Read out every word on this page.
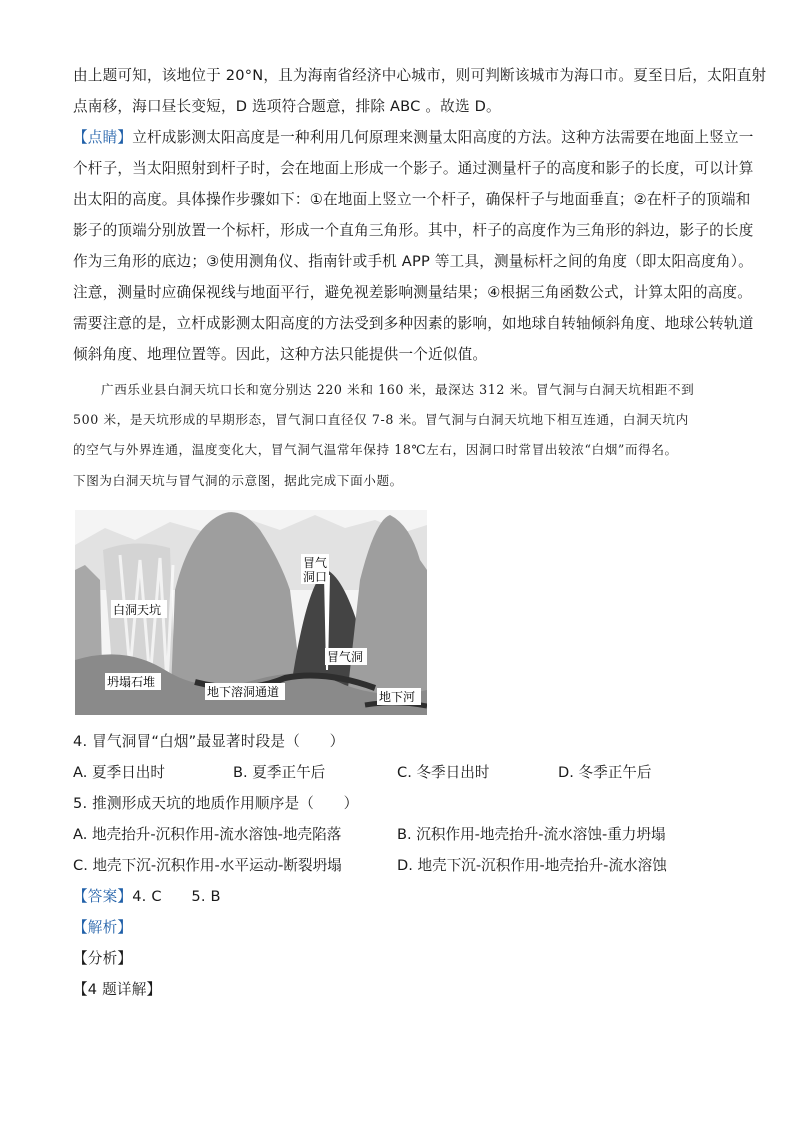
由上题可知，该地位于 20°N，且为海南省经济中心城市，则可判断该城市为海口市。夏至日后，太阳直射
点南移，海口昼长变短，D 选项符合题意，排除 ABC 。故选 D。
【点睛】立杆成影测太阳高度是一种利用几何原理来测量太阳高度的方法。这种方法需要在地面上竖立一
个杆子，当太阳照射到杆子时，会在地面上形成一个影子。通过测量杆子的高度和影子的长度，可以计算
出太阳的高度。具体操作步骤如下：①在地面上竖立一个杆子，确保杆子与地面垂直；②在杆子的顶端和
影子的顶端分别放置一个标杆，形成一个直角三角形。其中，杆子的高度作为三角形的斜边，影子的长度
作为三角形的底边；③使用测角仪、指南针或手机 APP 等工具，测量标杆之间的角度（即太阳高度角）。
注意，测量时应确保视线与地面平行，避免视差影响测量结果；④根据三角函数公式，计算太阳的高度。
需要注意的是，立杆成影测太阳高度的方法受到多种因素的影响，如地球自转轴倾斜角度、地球公转轨道
倾斜角度、地理位置等。因此，这种方法只能提供一个近似值。
广西乐业县白洞天坑口长和宽分别达 220 米和 160 米，最深达 312 米。冒气洞与白洞天坑相距不到
500 米，是天坑形成的早期形态，冒气洞口直径仅 7-8 米。冒气洞与白洞天坑地下相互连通，白洞天坑内
的空气与外界连通，温度变化大，冒气洞气温常年保持 18℃左右，因洞口时常冒出较浓“白烟”而得名。
下图为白洞天坑与冒气洞的示意图，据此完成下面小题。
白洞天坑
冒气
洞口
冒气洞
坍塌石堆
地下溶洞通道	地下河
4. 冒气洞冒“白烟”最显著时段是（　　）
A. 夏季日出时	B. 夏季正午后	C. 冬季日出时	D. 冬季正午后
5. 推测形成天坑的地质作用顺序是（　　）
A. 地壳抬升-沉积作用-流水溶蚀-地壳陷落	B. 沉积作用-地壳抬升-流水溶蚀-重力坍塌
C. 地壳下沉-沉积作用-水平运动-断裂坍塌	D. 地壳下沉-沉积作用-地壳抬升-流水溶蚀
【答案】4. C　　5. B
【解析】
【分析】
【4 题详解】
